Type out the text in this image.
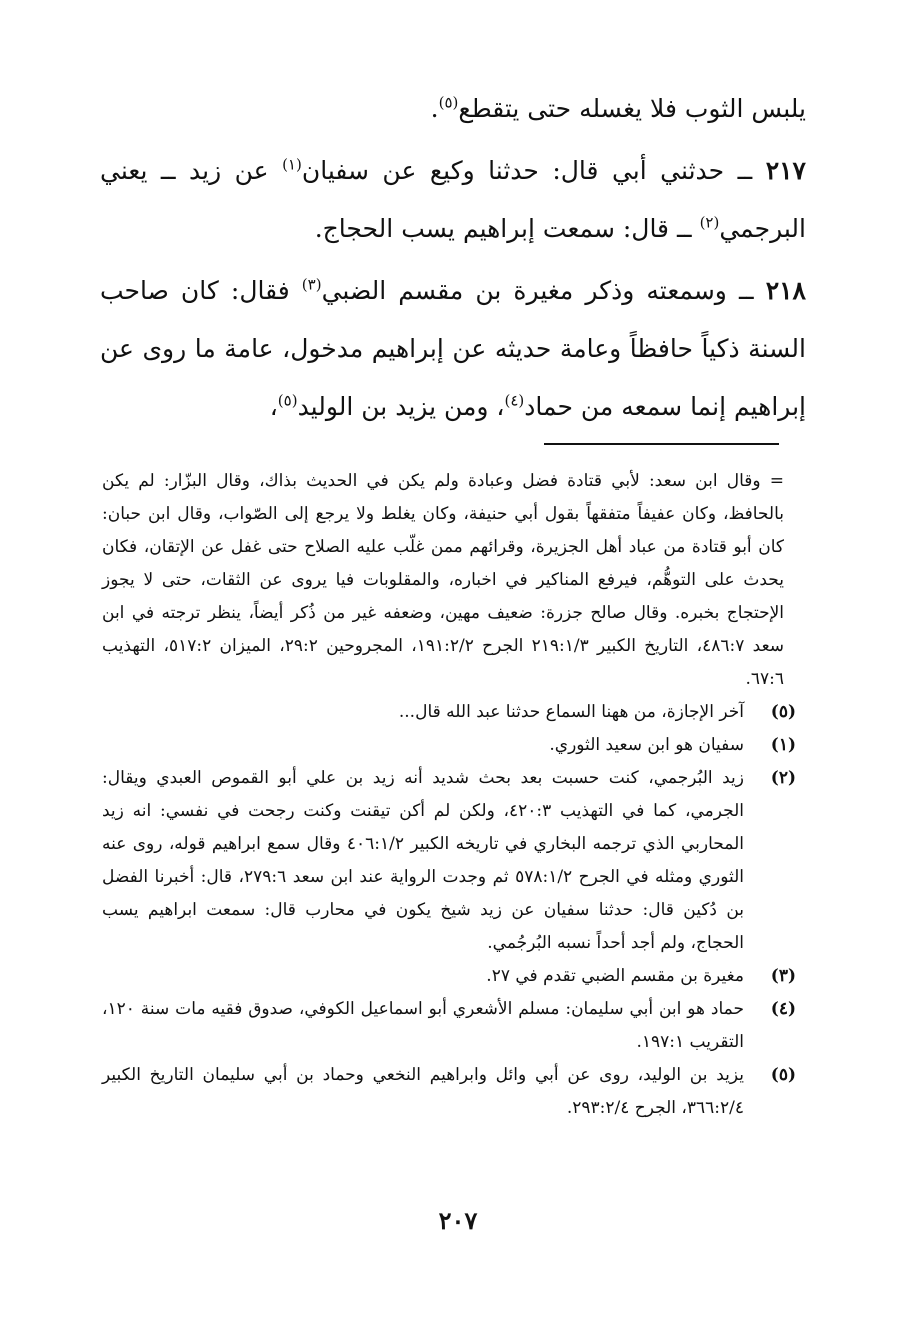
يلبس الثوب فلا يغسله حتى يتقطع$^{(٥)}$.

٢١٧ ــ حدثني أبي قال: حدثنا وكيع عن سفيان$^{(١)}$ عن زيد ــ يعني البرجمي$^{(٢)}$ ــ قال: سمعت إبراهيم يسب الحجاج.

٢١٨ ــ وسمعته وذكر مغيرة بن مقسم الضبي$^{(٣)}$ فقال: كان صاحب السنة ذكياً حافظاً وعامة حديثه عن إبراهيم مدخول، عامة ما روى عن إبراهيم إنما سمعه من حماد$^{(٤)}$، ومن يزيد بن الوليد$^{(٥)}$،

= وقال ابن سعد: لأبي قتادة فضل وعبادة ولم يكن في الحديث بذاك، وقال البزّار: لم يكن بالحافظ، وكان عفيفاً متفقهاً بقول أبي حنيفة، وكان يغلط ولا يرجع إلى الصّواب، وقال ابن حبان: كان أبو قتادة من عباد أهل الجزيرة، وقرائهم ممن غلّب عليه الصلاح حتى غفل عن الإتقان، فكان يحدث على التوهُّم، فيرفع المناكير في اخباره، والمقلوبات فيا يروى عن الثقات، حتى لا يجوز الإحتجاج بخبره. وقال صالح جزرة: ضعيف مهين، وضعفه غير من ذُكر أيضاً، ينظر ترجته في ابن سعد ٤٨٦:٧، التاريخ الكبير ٢١٩:١/٣ الجرح ١٩١:٢/٢، المجروحين ٢٩:٢، الميزان ٥١٧:٢، التهذيب ٦٧:٦.
(٥)
آخر الإجازة، من ههنا السماع حدثنا عبد الله قال...
(١)
سفيان هو ابن سعيد الثوري.
(٢)
زيد البُرجمي، كنت حسبت بعد بحث شديد أنه زيد بن علي أبو القموص العبدي ويقال: الجرمي، كما في التهذيب ٤٢٠:٣، ولكن لم أكن تيقنت وكنت رجحت في نفسي: انه زيد المحاربي الذي ترجمه البخاري في تاريخه الكبير ٤٠٦:١/٢ وقال سمع ابراهيم قوله، روى عنه الثوري ومثله في الجرح ٥٧٨:١/٢ ثم وجدت الرواية عند ابن سعد ٢٧٩:٦، قال: أخبرنا الفضل بن دُكين قال: حدثنا سفيان عن زيد شيخ يكون في محارب قال: سمعت ابراهيم يسب الحجاج، ولم أجد أحداً نسبه البُرجُمي.
(٣)
مغيرة بن مقسم الضبي تقدم في ٢٧.
(٤)
حماد هو ابن أبي سليمان: مسلم الأشعري أبو اسماعيل الكوفي، صدوق فقيه مات سنة ١٢٠، التقريب ١٩٧:١.
(٥)
يزيد بن الوليد، روى عن أبي وائل وابراهيم النخعي وحماد بن أبي سليمان التاريخ الكبير ٣٦٦:٢/٤، الجرح ٢٩٣:٢/٤.
٢٠٧
